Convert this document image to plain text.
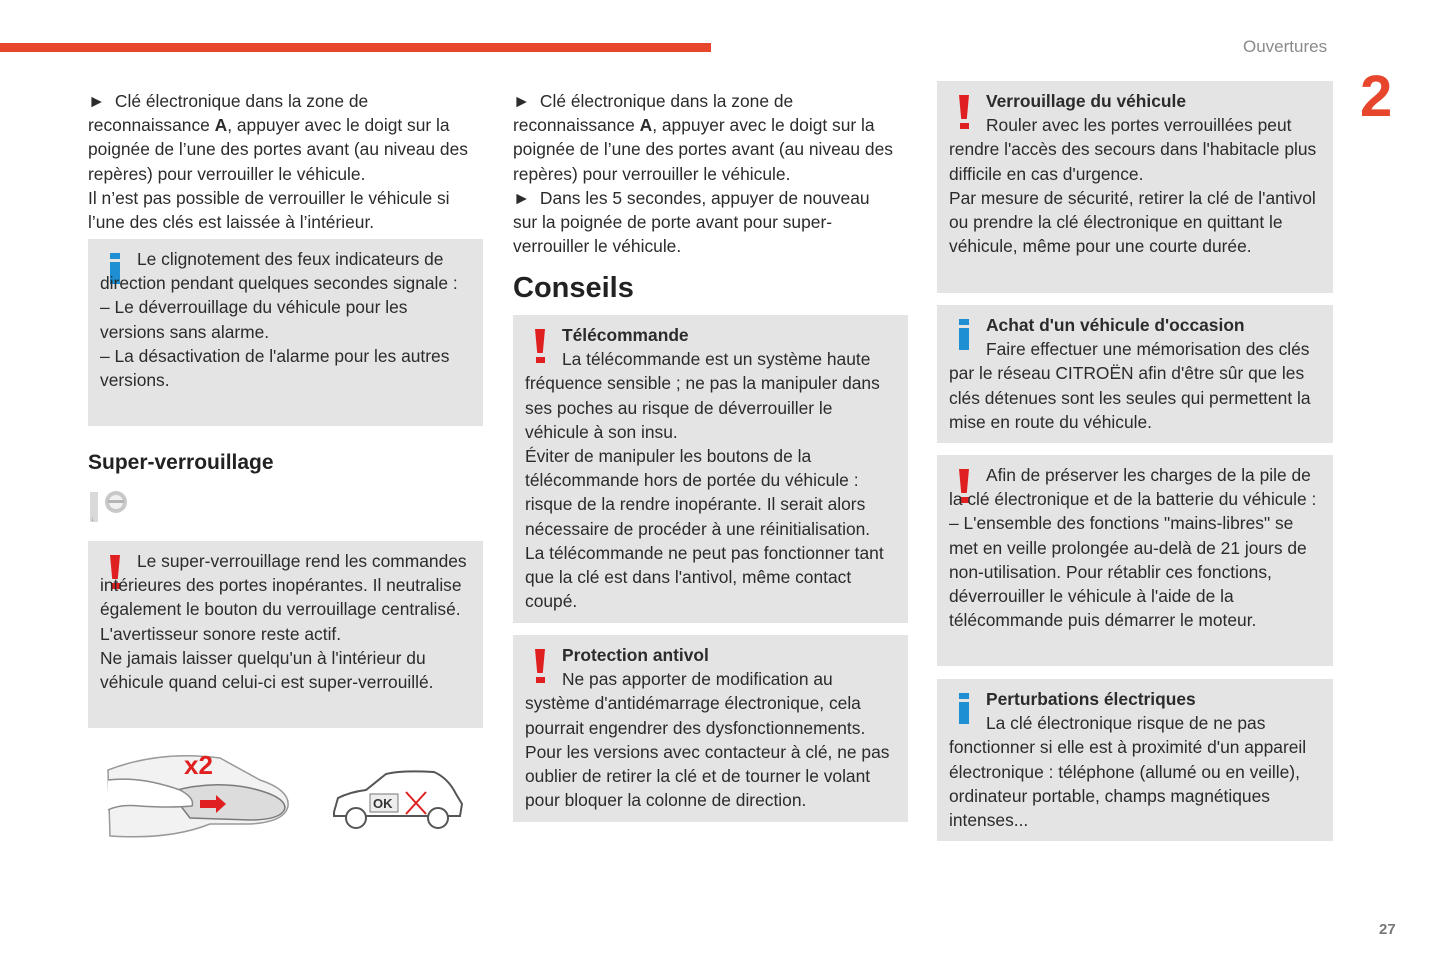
Ouvertures
2

► Clé électronique dans la zone de reconnaissance A, appuyer avec le doigt sur la poignée de l’une des portes avant (au niveau des repères) pour verrouiller le véhicule.

Il n’est pas possible de verrouiller le véhicule si l’une des clés est laissée à l’intérieur.

Le clignotement des feux indicateurs de direction pendant quelques secondes signale :

– Le déverrouillage du véhicule pour les versions sans alarme.

– La désactivation de l'alarme pour les autres versions.

Super-verrouillage
↓

Le super-verrouillage rend les commandes intérieures des portes inopérantes. Il neutralise également le bouton du verrouillage centralisé.

L'avertisseur sonore reste actif.

Ne jamais laisser quelqu'un à l'intérieur du véhicule quand celui-ci est super-verrouillé.

x2
OK

► Clé électronique dans la zone de reconnaissance A, appuyer avec le doigt sur la poignée de l’une des portes avant (au niveau des repères) pour verrouiller le véhicule.

► Dans les 5 secondes, appuyer de nouveau sur la poignée de porte avant pour super-verrouiller le véhicule.

Conseils

Télécommande

La télécommande est un système haute fréquence sensible ; ne pas la manipuler dans ses poches au risque de déverrouiller le véhicule à son insu.

Éviter de manipuler les boutons de la télécommande hors de portée du véhicule : risque de la rendre inopérante. Il serait alors nécessaire de procéder à une réinitialisation.

La télécommande ne peut pas fonctionner tant que la clé est dans l'antivol, même contact coupé.

Protection antivol

Ne pas apporter de modification au système d'antidémarrage électronique, cela pourrait engendrer des dysfonctionnements.

Pour les versions avec contacteur à clé, ne pas oublier de retirer la clé et de tourner le volant pour bloquer la colonne de direction.

Verrouillage du véhicule

Rouler avec les portes verrouillées peut rendre l'accès des secours dans l'habitacle plus difficile en cas d'urgence.

Par mesure de sécurité, retirer la clé de l'antivol ou prendre la clé électronique en quittant le véhicule, même pour une courte durée.

Achat d'un véhicule d'occasion

Faire effectuer une mémorisation des clés par le réseau CITROËN afin d'être sûr que les clés détenues sont les seules qui permettent la mise en route du véhicule.

Afin de préserver les charges de la pile de la clé électronique et de la batterie du véhicule :

– L'ensemble des fonctions "mains-libres" se met en veille prolongée au-delà de 21 jours de non-utilisation. Pour rétablir ces fonctions, déverrouiller le véhicule à l'aide de la télécommande puis démarrer le moteur.

Perturbations électriques

La clé électronique risque de ne pas fonctionner si elle est à proximité d'un appareil électronique : téléphone (allumé ou en veille), ordinateur portable, champs magnétiques intenses...

27
